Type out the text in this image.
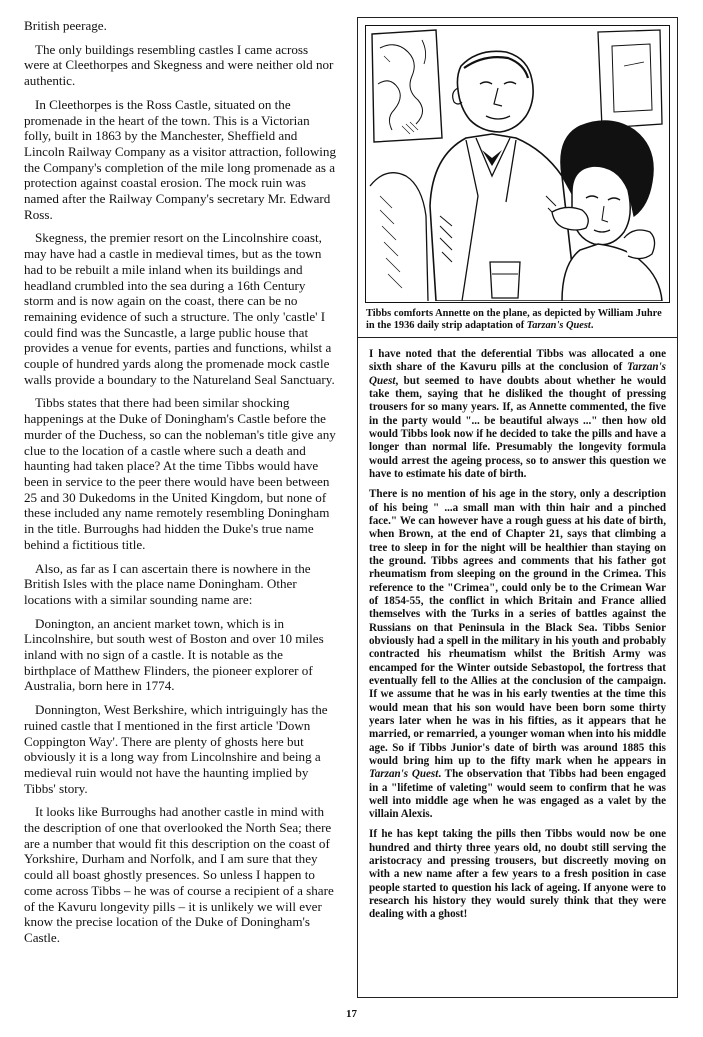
British peerage.

The only buildings resembling castles I came across were at Cleethorpes and Skegness and were neither old nor authentic.

In Cleethorpes is the Ross Castle, situated on the promenade in the heart of the town. This is a Victorian folly, built in 1863 by the Manchester, Sheffield and Lincoln Railway Company as a visitor attraction, following the Company's completion of the mile long promenade as a protection against coastal erosion. The mock ruin was named after the Railway Company's secretary Mr. Edward Ross.

Skegness, the premier resort on the Lincolnshire coast, may have had a castle in medieval times, but as the town had to be rebuilt a mile inland when its buildings and headland crumbled into the sea during a 16th Century storm and is now again on the coast, there can be no remaining evidence of such a structure. The only 'castle' I could find was the Suncastle, a large public house that provides a venue for events, parties and functions, whilst a couple of hundred yards along the promenade mock castle walls provide a boundary to the Natureland Seal Sanctuary.

Tibbs states that there had been similar shocking happenings at the Duke of Doningham's Castle before the murder of the Duchess, so can the nobleman's title give any clue to the location of a castle where such a death and haunting had taken place? At the time Tibbs would have been in service to the peer there would have been between 25 and 30 Dukedoms in the United Kingdom, but none of these included any name remotely resembling Doningham in the title. Burroughs had hidden the Duke's true name behind a fictitious title.

Also, as far as I can ascertain there is nowhere in the British Isles with the place name Doningham. Other locations with a similar sounding name are:

Donington, an ancient market town, which is in Lincolnshire, but south west of Boston and over 10 miles inland with no sign of a castle. It is notable as the birthplace of Matthew Flinders, the pioneer explorer of Australia, born here in 1774.

Donnington, West Berkshire, which intriguingly has the ruined castle that I mentioned in the first article 'Down Coppington Way'. There are plenty of ghosts here but obviously it is a long way from Lincolnshire and being a medieval ruin would not have the haunting implied by Tibbs' story.

It looks like Burroughs had another castle in mind with the description of one that overlooked the North Sea; there are a number that would fit this description on the coast of Yorkshire, Durham and Norfolk, and I am sure that they could all boast ghostly presences. So unless I happen to come across Tibbs – he was of course a recipient of a share of the Kavuru longevity pills – it is unlikely we will ever know the precise location of the Duke of Doningham's Castle.

Tibbs comforts Annette on the plane, as depicted by William Juhre in the 1936 daily strip adaptation of Tarzan's Quest.

I have noted that the deferential Tibbs was allocated a one sixth share of the Kavuru pills at the conclusion of Tarzan's Quest, but seemed to have doubts about whether he would take them, saying that he disliked the thought of pressing trousers for so many years. If, as Annette commented, the five in the party would "... be beautiful always ..." then how old would Tibbs look now if he decided to take the pills and have a longer than normal life. Presumably the longevity formula would arrest the ageing process, so to answer this question we have to estimate his date of birth.

There is no mention of his age in the story, only a description of his being " ...a small man with thin hair and a pinched face." We can however have a rough guess at his date of birth, when Brown, at the end of Chapter 21, says that climbing a tree to sleep in for the night will be healthier than staying on the ground. Tibbs agrees and comments that his father got rheumatism from sleeping on the ground in the Crimea. This reference to the "Crimea", could only be to the Crimean War of 1854-55, the conflict in which Britain and France allied themselves with the Turks in a series of battles against the Russians on that Peninsula in the Black Sea. Tibbs Senior obviously had a spell in the military in his youth and probably contracted his rheumatism whilst the British Army was encamped for the Winter outside Sebastopol, the fortress that eventually fell to the Allies at the conclusion of the campaign. If we assume that he was in his early twenties at the time this would mean that his son would have been born some thirty years later when he was in his fifties, as it appears that he married, or remarried, a younger woman when into his middle age. So if Tibbs Junior's date of birth was around 1885 this would bring him up to the fifty mark when he appears in Tarzan's Quest. The observation that Tibbs had been engaged in a "lifetime of valeting" would seem to confirm that he was well into middle age when he was engaged as a valet by the villain Alexis.

If he has kept taking the pills then Tibbs would now be one hundred and thirty three years old, no doubt still serving the aristocracy and pressing trousers, but discreetly moving on with a new name after a few years to a fresh position in case people started to question his lack of ageing. If anyone were to research his history they would surely think that they were dealing with a ghost!

17
